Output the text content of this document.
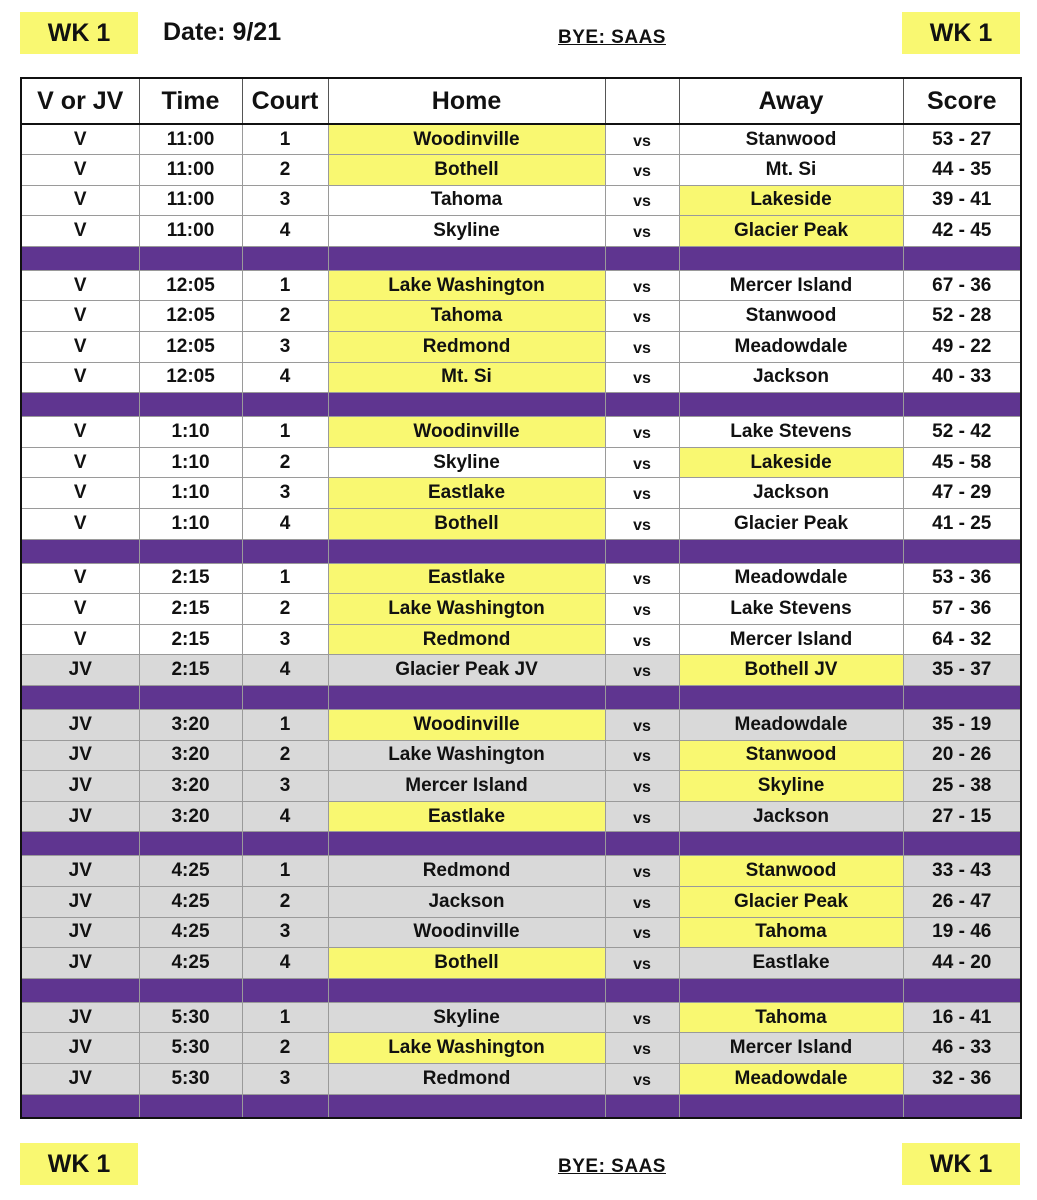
WK 1	Date: 9/21	BYE: SAAS	WK 1
V or JV	Time	Court	Home		Away	Score
V	11:00	1	Woodinville	vs	Stanwood	53 - 27
V	11:00	2	Bothell	vs	Mt. Si	44 - 35
V	11:00	3	Tahoma	vs	Lakeside	39 - 41
V	11:00	4	Skyline	vs	Glacier Peak	42 - 45

V	12:05	1	Lake Washington	vs	Mercer Island	67 - 36
V	12:05	2	Tahoma	vs	Stanwood	52 - 28
V	12:05	3	Redmond	vs	Meadowdale	49 - 22
V	12:05	4	Mt. Si	vs	Jackson	40 - 33

V	1:10	1	Woodinville	vs	Lake Stevens	52 - 42
V	1:10	2	Skyline	vs	Lakeside	45 - 58
V	1:10	3	Eastlake	vs	Jackson	47 - 29
V	1:10	4	Bothell	vs	Glacier Peak	41 - 25

V	2:15	1	Eastlake	vs	Meadowdale	53 - 36
V	2:15	2	Lake Washington	vs	Lake Stevens	57 - 36
V	2:15	3	Redmond	vs	Mercer Island	64 - 32
JV	2:15	4	Glacier Peak JV	vs	Bothell JV	35 - 37

JV	3:20	1	Woodinville	vs	Meadowdale	35 - 19
JV	3:20	2	Lake Washington	vs	Stanwood	20 - 26
JV	3:20	3	Mercer Island	vs	Skyline	25 - 38
JV	3:20	4	Eastlake	vs	Jackson	27 - 15

JV	4:25	1	Redmond	vs	Stanwood	33 - 43
JV	4:25	2	Jackson	vs	Glacier Peak	26 - 47
JV	4:25	3	Woodinville	vs	Tahoma	19 - 46
JV	4:25	4	Bothell	vs	Eastlake	44 - 20

JV	5:30	1	Skyline	vs	Tahoma	16 - 41
JV	5:30	2	Lake Washington	vs	Mercer Island	46 - 33
JV	5:30	3	Redmond	vs	Meadowdale	32 - 36

WK 1	BYE: SAAS	WK 1
